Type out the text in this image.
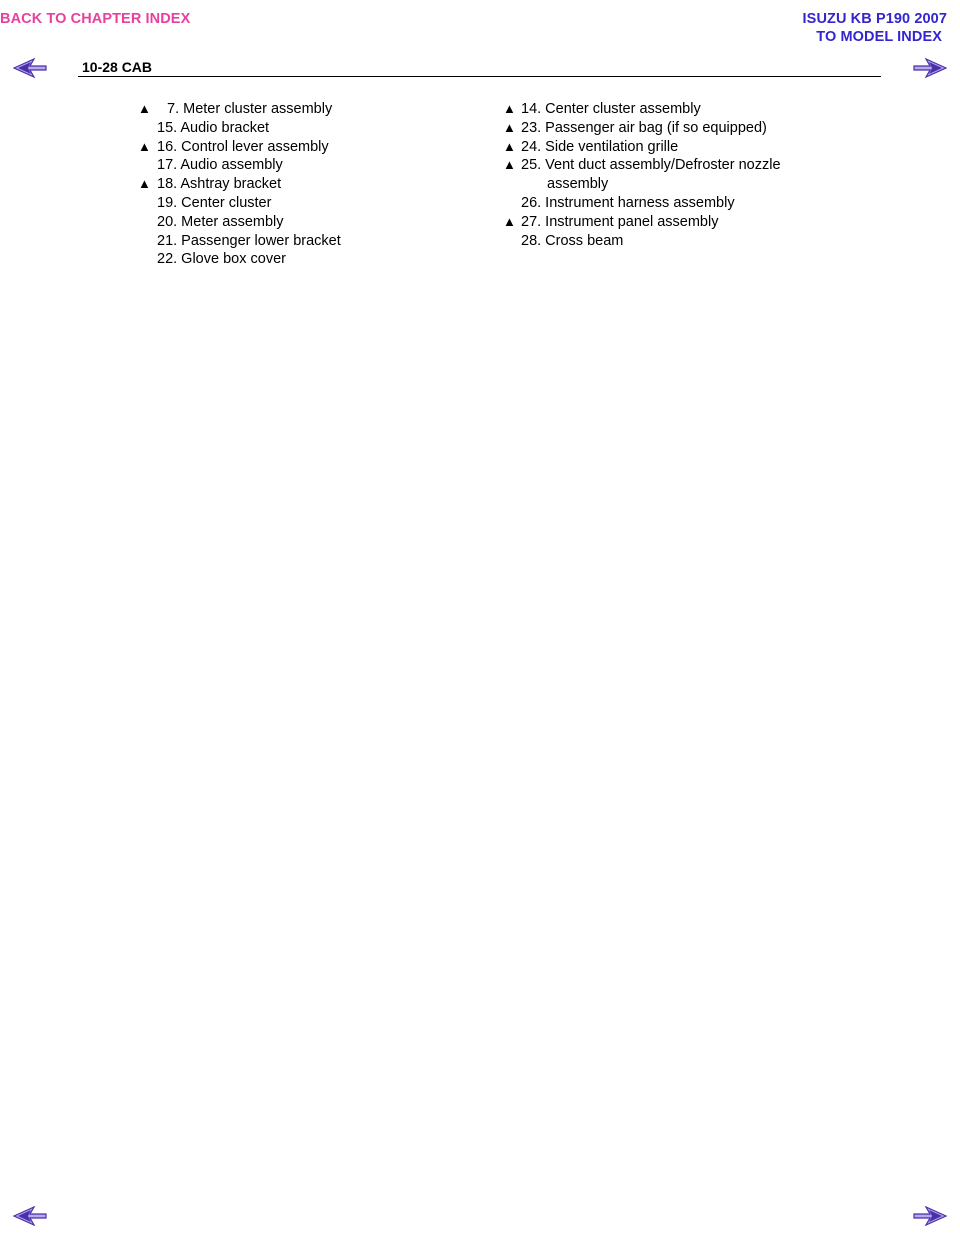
BACK TO CHAPTER INDEX	ISUZU KB P190 2007
TO MODEL INDEX
10-28 CAB
▲ 7. Meter cluster assembly
15. Audio bracket
▲ 16. Control lever assembly
17. Audio assembly
▲ 18. Ashtray bracket
19. Center cluster
20. Meter assembly
21. Passenger lower bracket
22. Glove box cover
▲ 14. Center cluster assembly
▲ 23. Passenger air bag (if so equipped)
▲ 24. Side ventilation grille
▲ 25. Vent duct assembly/Defroster nozzle
assembly
26. Instrument harness assembly
▲ 27. Instrument panel assembly
28. Cross beam
